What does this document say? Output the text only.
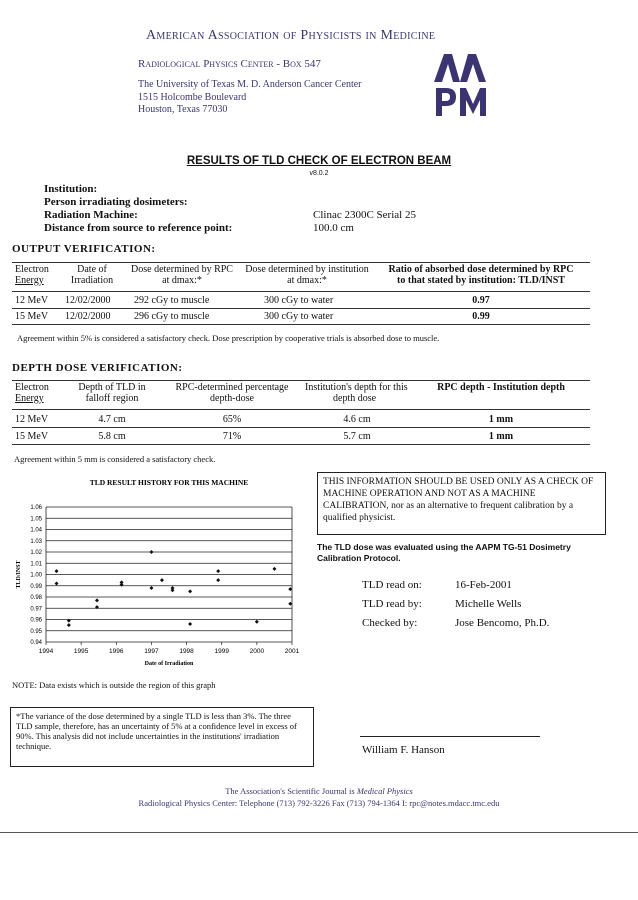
American Association of Physicists in Medicine
Radiological Physics Center - Box 547
The University of Texas M. D. Anderson Cancer Center
1515 Holcombe Boulevard
Houston, Texas 77030
RESULTS OF TLD CHECK OF ELECTRON BEAM
v8.0.2
Institution:
Person irradiating dosimeters:
Radiation Machine:	Clinac 2300C Serial 25
Distance from source to reference point:	100.0 cm
OUTPUT VERIFICATION:
Electron
Energy

Date of
Irradiation

Dose determined by RPC
at dmax:*

Dose determined by institution
at dmax:*

Ratio of absorbed dose determined by RPC
to that stated by institution: TLD/INST
12 MeV	12/02/2000	292 cGy to muscle	300 cGy to water	0.97
15 MeV	12/02/2000	296 cGy to muscle	300 cGy to water	0.99
Agreement within 5% is considered a satisfactory check. Dose prescription by cooperative trials is absorbed dose to muscle.
DEPTH DOSE VERIFICATION:
Electron
Energy

Depth of TLD in
falloff region

RPC-determined percentage
depth-dose

Institution's depth for this
depth dose

RPC depth - Institution depth
12 MeV	4.7 cm	65%	4.6 cm	1 mm
15 MeV	5.8 cm	71%	5.7 cm	1 mm
Agreement within 5 mm is considered a satisfactory check.
TLD RESULT HISTORY FOR THIS MACHINE
1.06
1.05
1.04
1.03
1.02
1.01
1.00
0.99
0.98
0.97
0.96
0.95
0.94
1994	1995	1996	1997	1998	1999	2000	2001
Date of Irradiation
TLD/INST
NOTE: Data exists which is outside the region of this graph
THIS INFORMATION SHOULD BE USED ONLY AS A CHECK OF MACHINE OPERATION AND NOT AS A MACHINE CALIBRATION, nor as an alternative to frequent calibration by a qualified physicist.
The TLD dose was evaluated using the AAPM TG-51 Dosimetry Calibration Protocol.
TLD read on:	16-Feb-2001
TLD read by:	Michelle Wells
Checked by:	Jose Bencomo, Ph.D.
*The variance of the dose determined by a single TLD is less than 3%. The three TLD sample, therefore, has an uncertainty of 5% at a confidence level in excess of 90%. This analysis did not include uncertainties in the institutions' irradiation technique.	William F. Hanson
The Association's Scientific Journal is Medical Physics
Radiological Physics Center: Telephone (713) 792-3226 Fax (713) 794-1364 I: rpc@notes.mdacc.tmc.edu
